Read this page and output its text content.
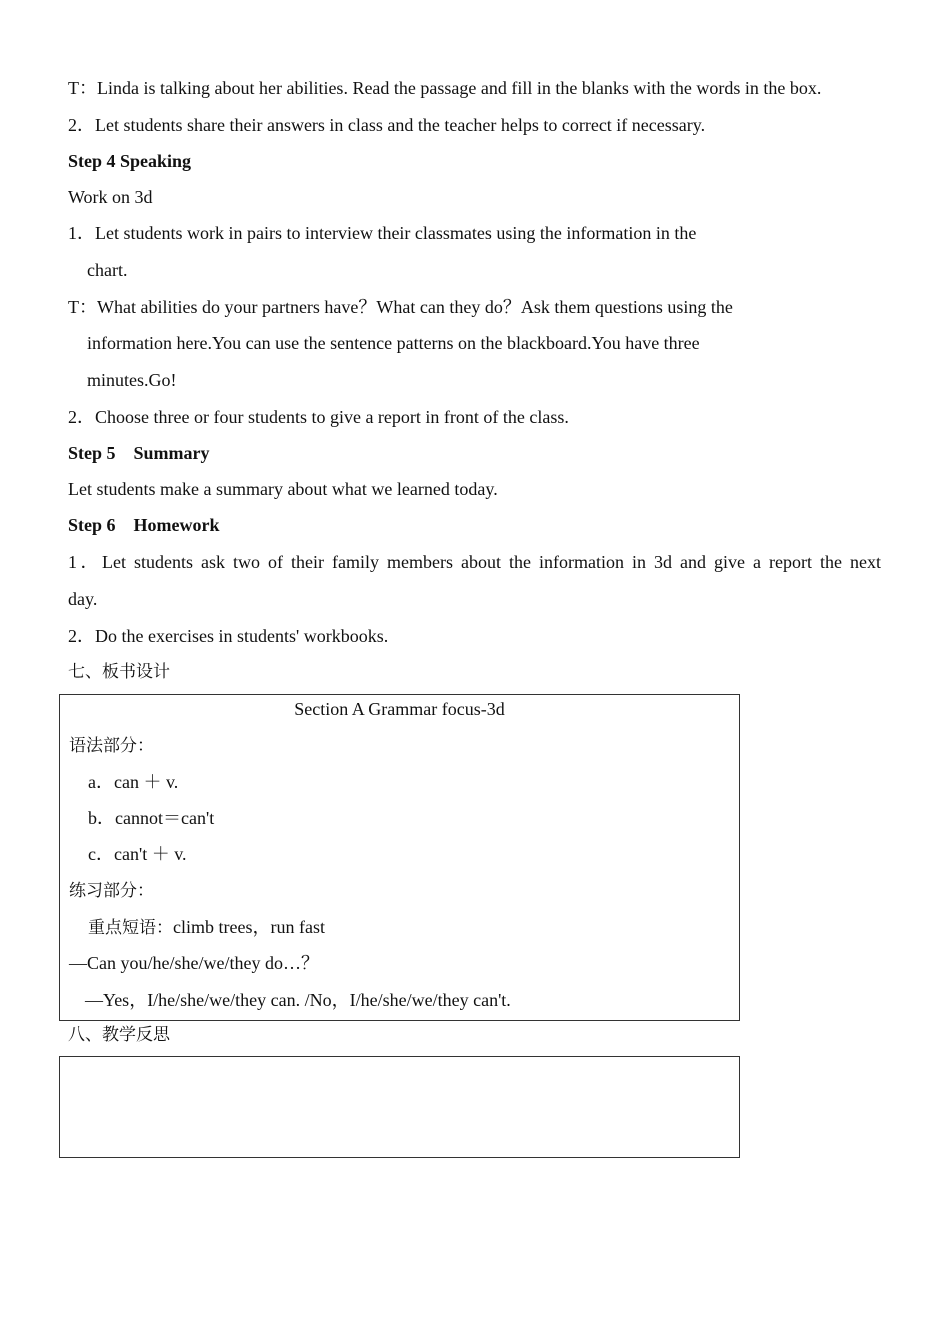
T：Linda is talking about her abilities. Read the passage and fill in the blanks with the words in the box.
2．Let students share their answers in class and the teacher helps to correct if necessary.
Step 4 Speaking
Work on 3d
1．Let students work in pairs to interview their classmates using the information in the
chart.
T：What abilities do your partners have？What can they do？Ask them questions using the
information here.You can use the sentence patterns on the blackboard.You have three
minutes.Go!
2．Choose three or four students to give a report in front of the class.
Step 5　Summary
Let students make a summary about what we learned today.
Step 6　Homework
1．Let students ask two of their family members about the information in 3d and give a report the next
day.
2．Do the exercises in students' workbooks.
七、板书设计
Section A Grammar focus-3d
语法部分：
a．can ＋ v.
b．cannot＝can't
c．can't ＋ v.
练习部分：
重点短语：climb trees，run fast
—Can you/he/she/we/they do…？
—Yes，I/he/she/we/they can. /No，I/he/she/we/they can't.
八、教学反思
